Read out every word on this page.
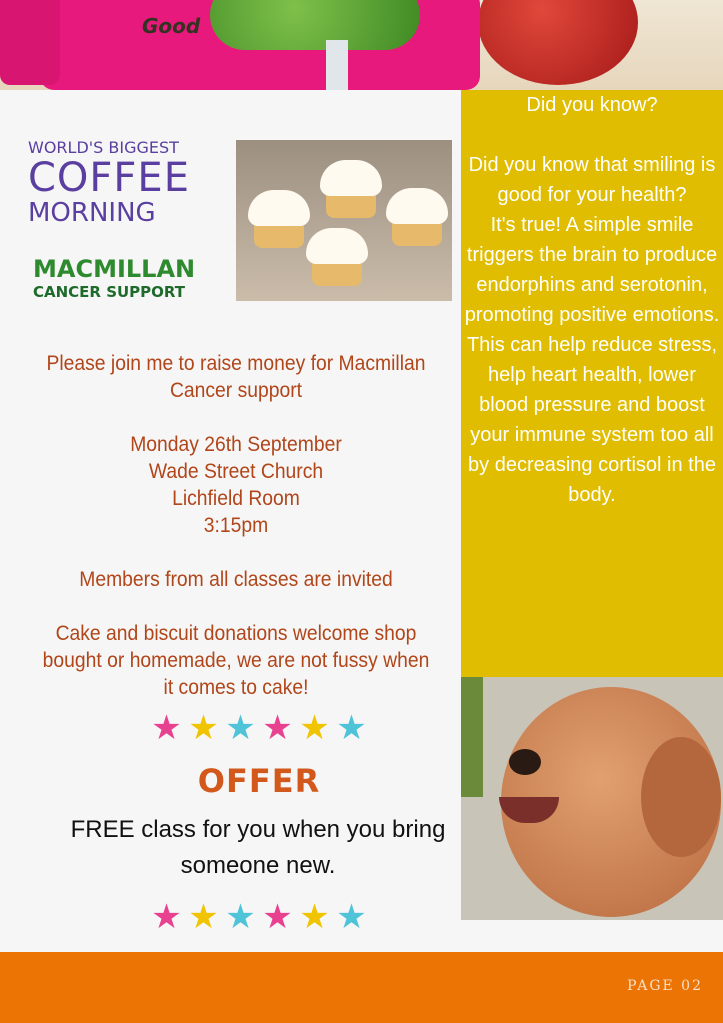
Good
WORLD'S BIGGEST
COFFEE
MORNING
MACMILLAN
CANCER SUPPORT

Did you know?

Did you know that smiling is good for your health?

It's true! A simple smile triggers the brain to produce endorphins and serotonin, promoting positive emotions. This can help reduce stress, help heart health, lower blood pressure and boost your immune system too all by decreasing cortisol in the body.

Please join me to raise money for Macmillan Cancer support

Monday 26th September
Wade Street Church
Lichfield Room
3:15pm

Members from all classes are invited

Cake and biscuit donations welcome shop bought or homemade, we are not fussy when it comes to cake!

★ ★ ★ ★ ★ ★
OFFER
FREE class for you when you bring someone new.
★ ★ ★ ★ ★ ★
PAGE 02
